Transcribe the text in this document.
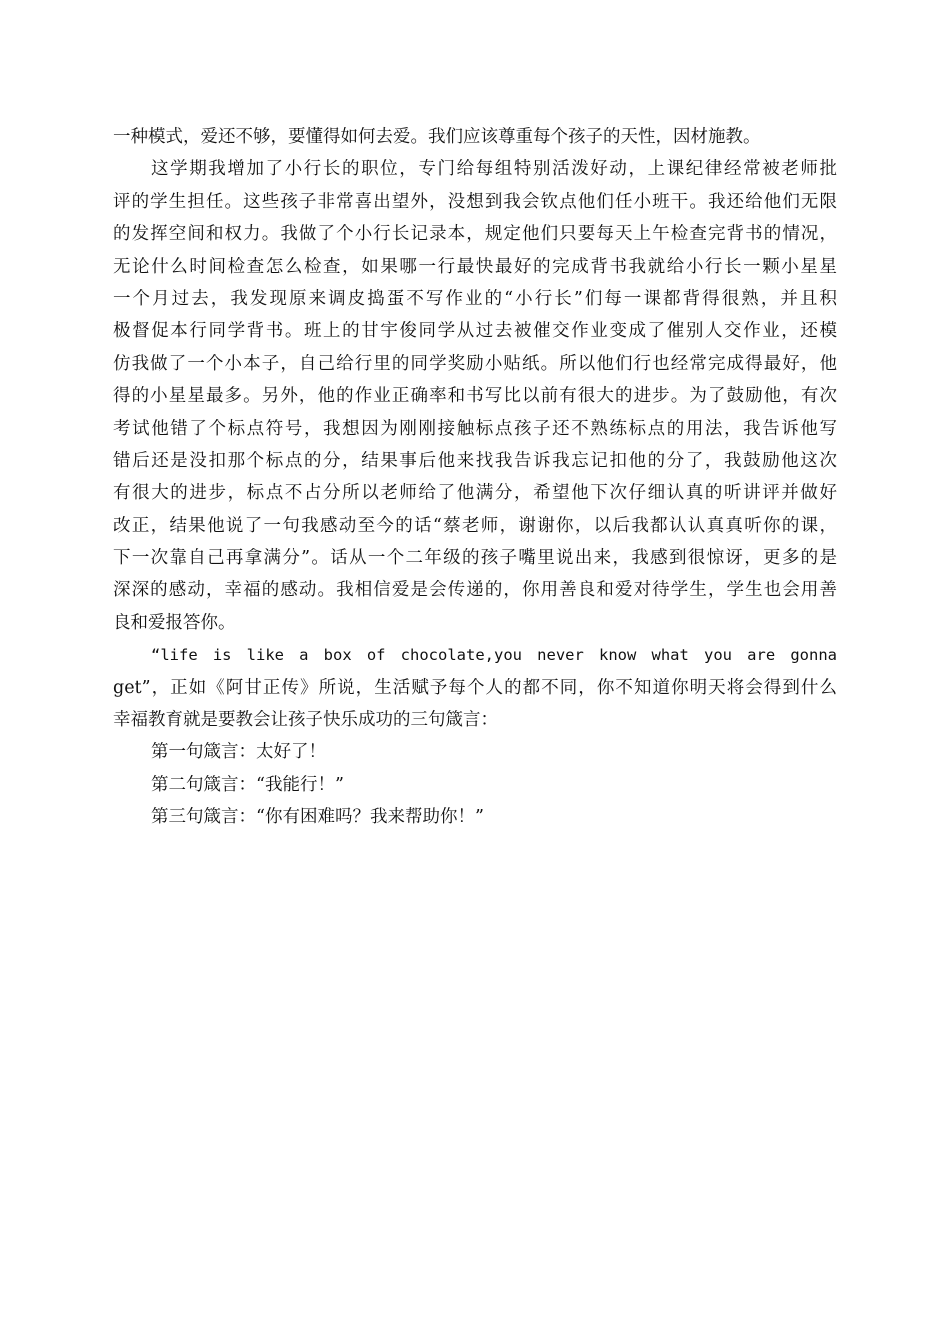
一种模式，爱还不够，要懂得如何去爱。我们应该尊重每个孩子的天性，因材施教。
这学期我增加了小行长的职位，专门给每组特别活泼好动，上课纪律经常被老师批
评的学生担任。这些孩子非常喜出望外，没想到我会钦点他们任小班干。我还给他们无限
的发挥空间和权力。我做了个小行长记录本，规定他们只要每天上午检查完背书的情况，
无论什么时间检查怎么检查，如果哪一行最快最好的完成背书我就给小行长一颗小星星
一个月过去，我发现原来调皮捣蛋不写作业的“小行长”们每一课都背得很熟，并且积
极督促本行同学背书。班上的甘宇俊同学从过去被催交作业变成了催别人交作业，还模
仿我做了一个小本子，自己给行里的同学奖励小贴纸。所以他们行也经常完成得最好，他
得的小星星最多。另外，他的作业正确率和书写比以前有很大的进步。为了鼓励他，有次
考试他错了个标点符号，我想因为刚刚接触标点孩子还不熟练标点的用法，我告诉他写
错后还是没扣那个标点的分，结果事后他来找我告诉我忘记扣他的分了，我鼓励他这次
有很大的进步，标点不占分所以老师给了他满分，希望他下次仔细认真的听讲评并做好
改正，结果他说了一句我感动至今的话“蔡老师，谢谢你，以后我都认认真真听你的课，
下一次靠自己再拿满分”。话从一个二年级的孩子嘴里说出来，我感到很惊讶，更多的是
深深的感动，幸福的感动。我相信爱是会传递的，你用善良和爱对待学生，学生也会用善
良和爱报答你。
“life is like a box of chocolate,you never know what you are gonna
get”，正如《阿甘正传》所说，生活赋予每个人的都不同，你不知道你明天将会得到什么
幸福教育就是要教会让孩子快乐成功的三句箴言：
第一句箴言：太好了！
第二句箴言：“我能行！”
第三句箴言：“你有困难吗？我来帮助你！”
